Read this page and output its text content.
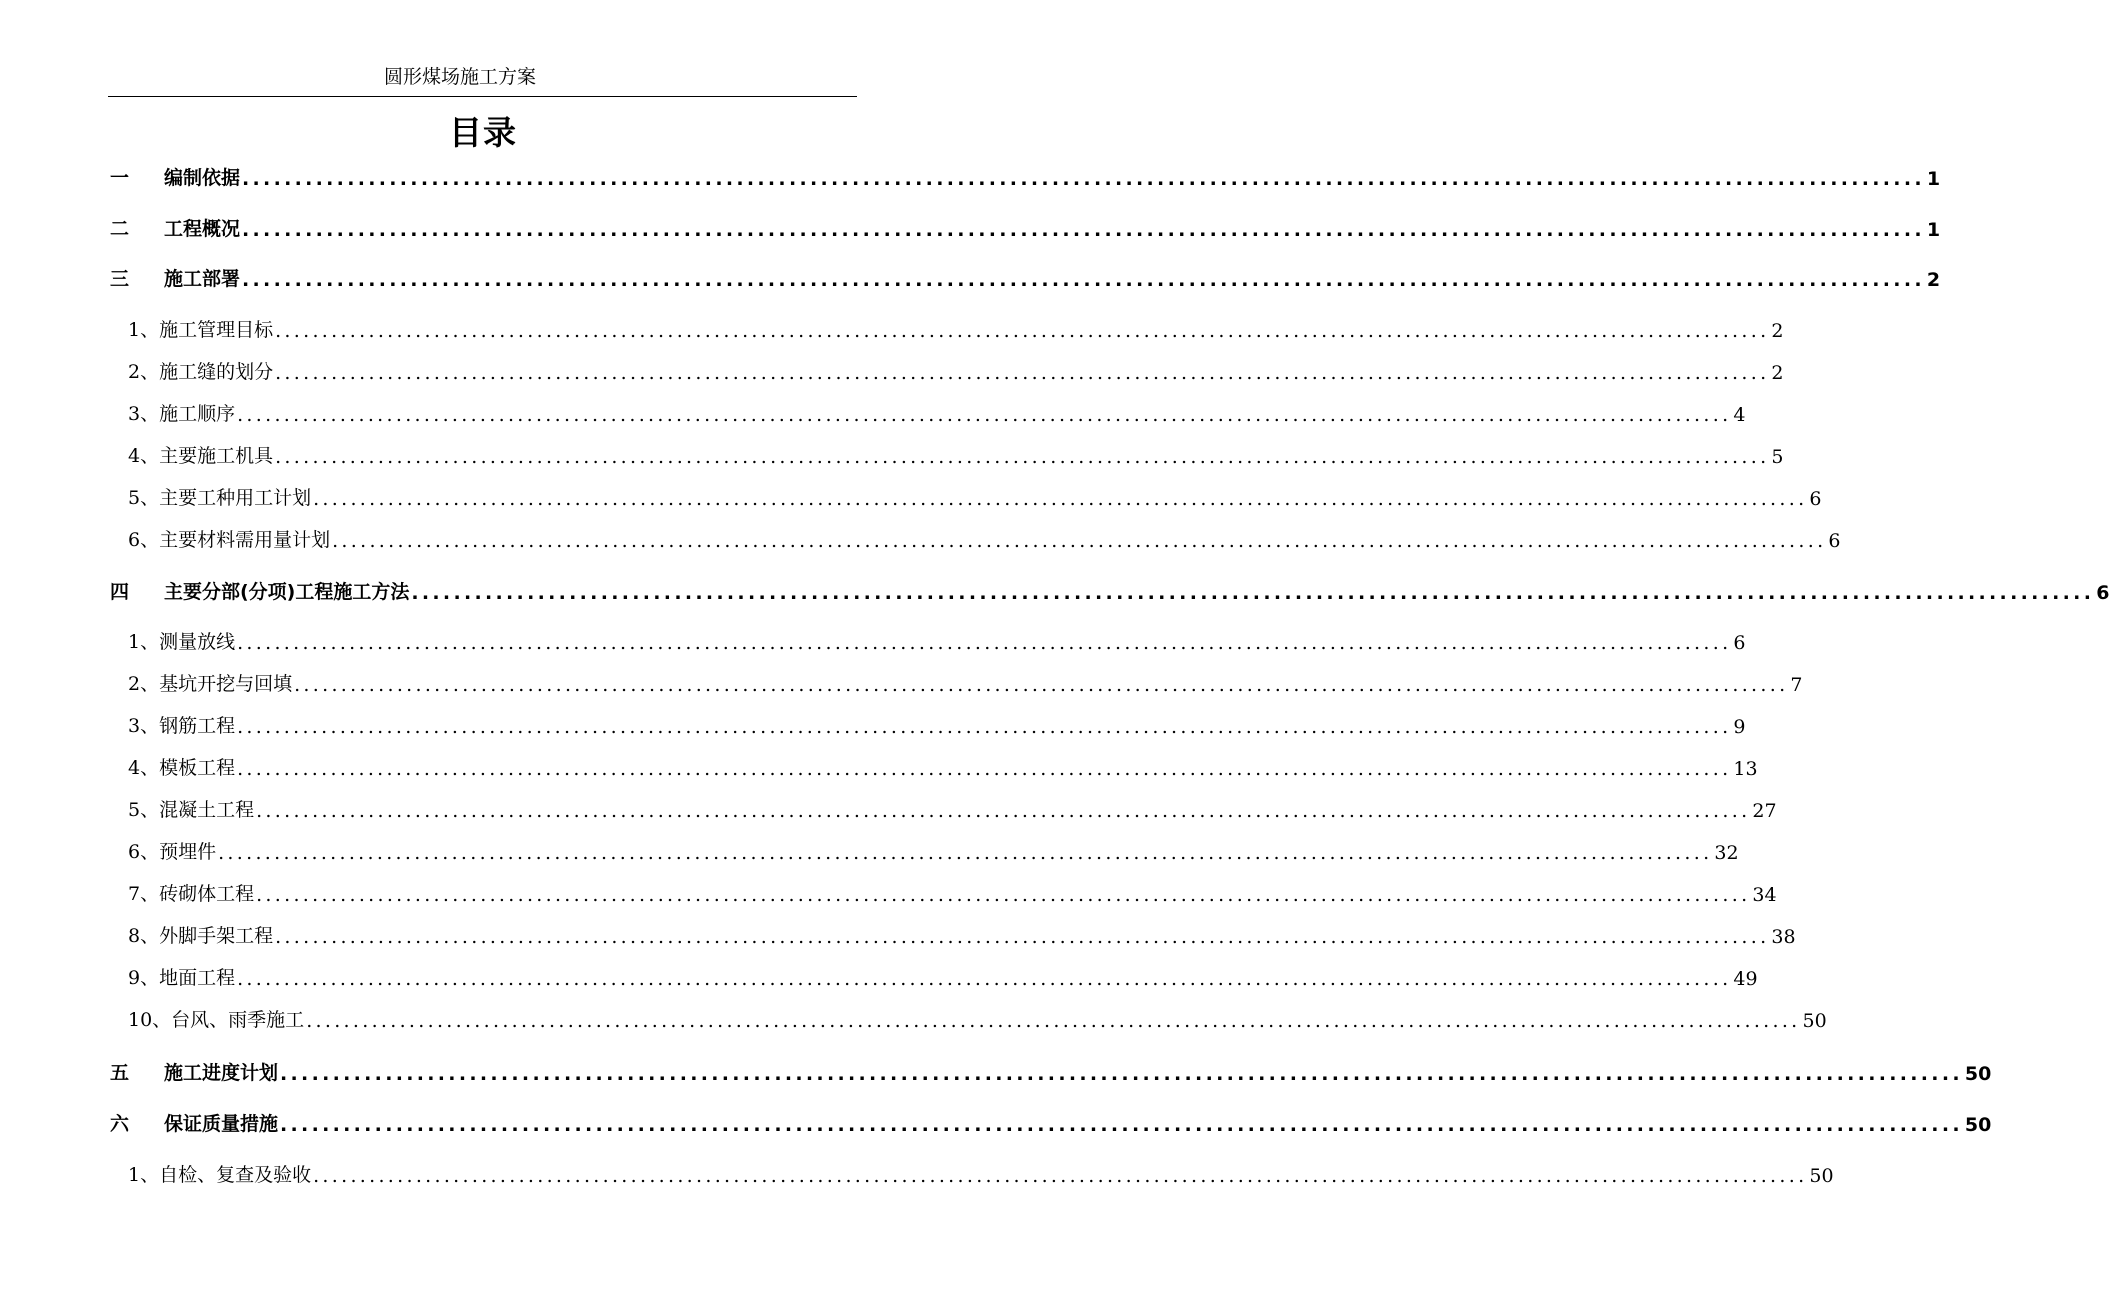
圆形煤场施工方案
目录
一 编制依据 ................................................................................................................................................................ 1
二 工程概况 ................................................................................................................................................................ 1
三 施工部署 ................................................................................................................................................................ 2
1、施工管理目标 ................................................................................................................................................................ 2
2、施工缝的划分 ................................................................................................................................................................ 2
3、施工顺序 ................................................................................................................................................................ 4
4、主要施工机具 ................................................................................................................................................................ 5
5、主要工种用工计划 ................................................................................................................................................................ 6
6、主要材料需用量计划 ................................................................................................................................................................ 6
四 主要分部(分项)工程施工方法 ................................................................................................................................................................ 6
1、测量放线 ................................................................................................................................................................ 6
2、基坑开挖与回填 ................................................................................................................................................................ 7
3、钢筋工程 ................................................................................................................................................................ 9
4、模板工程 ................................................................................................................................................................ 13
5、混凝土工程 ................................................................................................................................................................ 27
6、预埋件 ................................................................................................................................................................ 32
7、砖砌体工程 ................................................................................................................................................................ 34
8、外脚手架工程 ................................................................................................................................................................ 38
9、地面工程 ................................................................................................................................................................ 49
10、台风、雨季施工 ................................................................................................................................................................ 50
五 施工进度计划 ................................................................................................................................................................ 50
六 保证质量措施 ................................................................................................................................................................ 50
1、自检、复查及验收 ................................................................................................................................................................ 50
